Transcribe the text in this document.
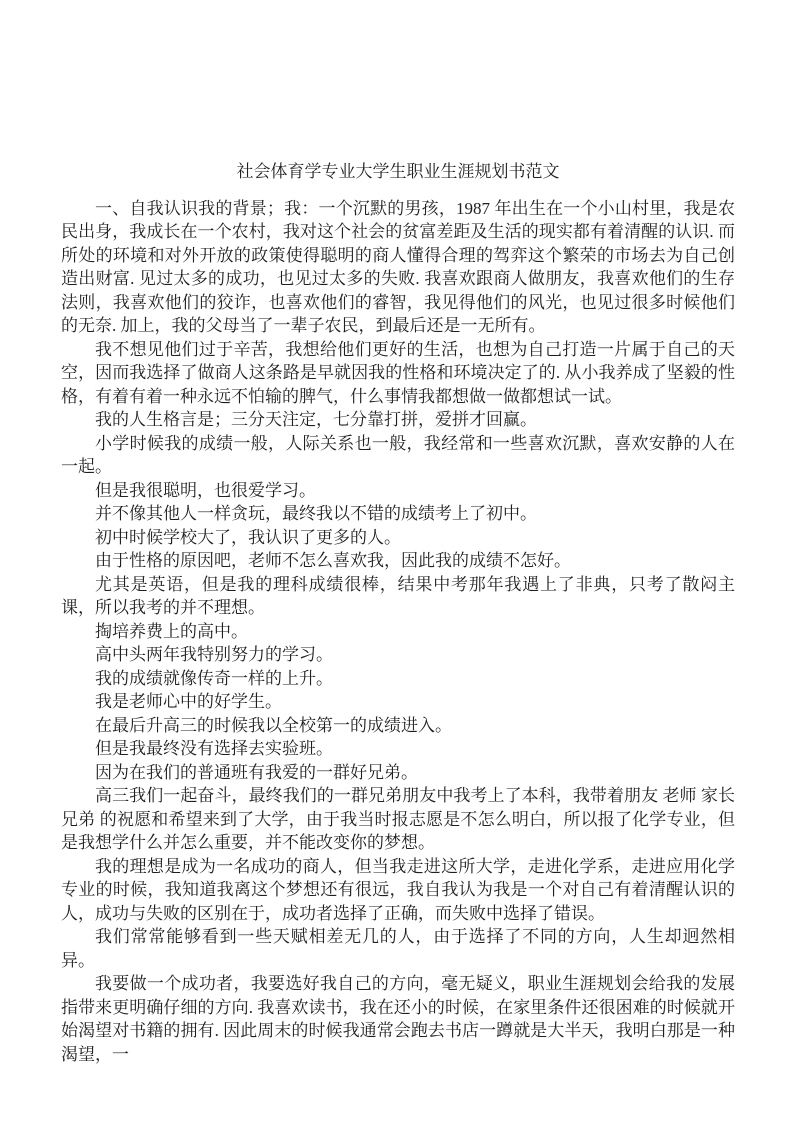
社会体育学专业大学生职业生涯规划书范文

一、自我认识我的背景；我：一个沉默的男孩，1987 年出生在一个小山村里，我是农民出身，我成长在一个农村，我对这个社会的贫富差距及生活的现实都有着清醒的认识. 而所处的环境和对外开放的政策使得聪明的商人懂得合理的驾弈这个繁荣的市场去为自己创造出财富. 见过太多的成功，也见过太多的失败. 我喜欢跟商人做朋友，我喜欢他们的生存法则，我喜欢他们的狡诈，也喜欢他们的睿智，我见得他们的风光，也见过很多时候他们的无奈. 加上，我的父母当了一辈子农民，到最后还是一无所有。

我不想见他们过于辛苦，我想给他们更好的生活，也想为自己打造一片属于自己的天空，因而我选择了做商人这条路是早就因我的性格和环境决定了的. 从小我养成了坚毅的性格，有着有着一种永远不怕输的脾气，什么事情我都想做一做都想试一试。

我的人生格言是；三分天注定，七分靠打拼，爱拼才回赢。

小学时候我的成绩一般，人际关系也一般，我经常和一些喜欢沉默，喜欢安静的人在一起。

但是我很聪明，也很爱学习。

并不像其他人一样贪玩，最终我以不错的成绩考上了初中。

初中时候学校大了，我认识了更多的人。

由于性格的原因吧，老师不怎么喜欢我，因此我的成绩不怎好。

尤其是英语，但是我的理科成绩很棒，结果中考那年我遇上了非典，只考了散闷主课，所以我考的并不理想。

掏培养费上的高中。

高中头两年我特别努力的学习。

我的成绩就像传奇一样的上升。

我是老师心中的好学生。

在最后升高三的时候我以全校第一的成绩进入。

但是我最终没有选择去实验班。

因为在我们的普通班有我爱的一群好兄弟。

高三我们一起奋斗，最终我们的一群兄弟朋友中我考上了本科，我带着朋友 老师 家长 兄弟 的祝愿和希望来到了大学，由于我当时报志愿是不怎么明白，所以报了化学专业，但是我想学什么并怎么重要，并不能改变你的梦想。

我的理想是成为一名成功的商人，但当我走进这所大学，走进化学系，走进应用化学专业的时候，我知道我离这个梦想还有很远，我自我认为我是一个对自己有着清醒认识的人，成功与失败的区别在于，成功者选择了正确，而失败中选择了错误。

我们常常能够看到一些天赋相差无几的人，由于选择了不同的方向，人生却迥然相异。

我要做一个成功者，我要选好我自己的方向，毫无疑义，职业生涯规划会给我的发展指带来更明确仔细的方向. 我喜欢读书，我在还小的时候，在家里条件还很困难的时候就开始渴望对书籍的拥有. 因此周末的时候我通常会跑去书店一蹲就是大半天，我明白那是一种渴望，一
